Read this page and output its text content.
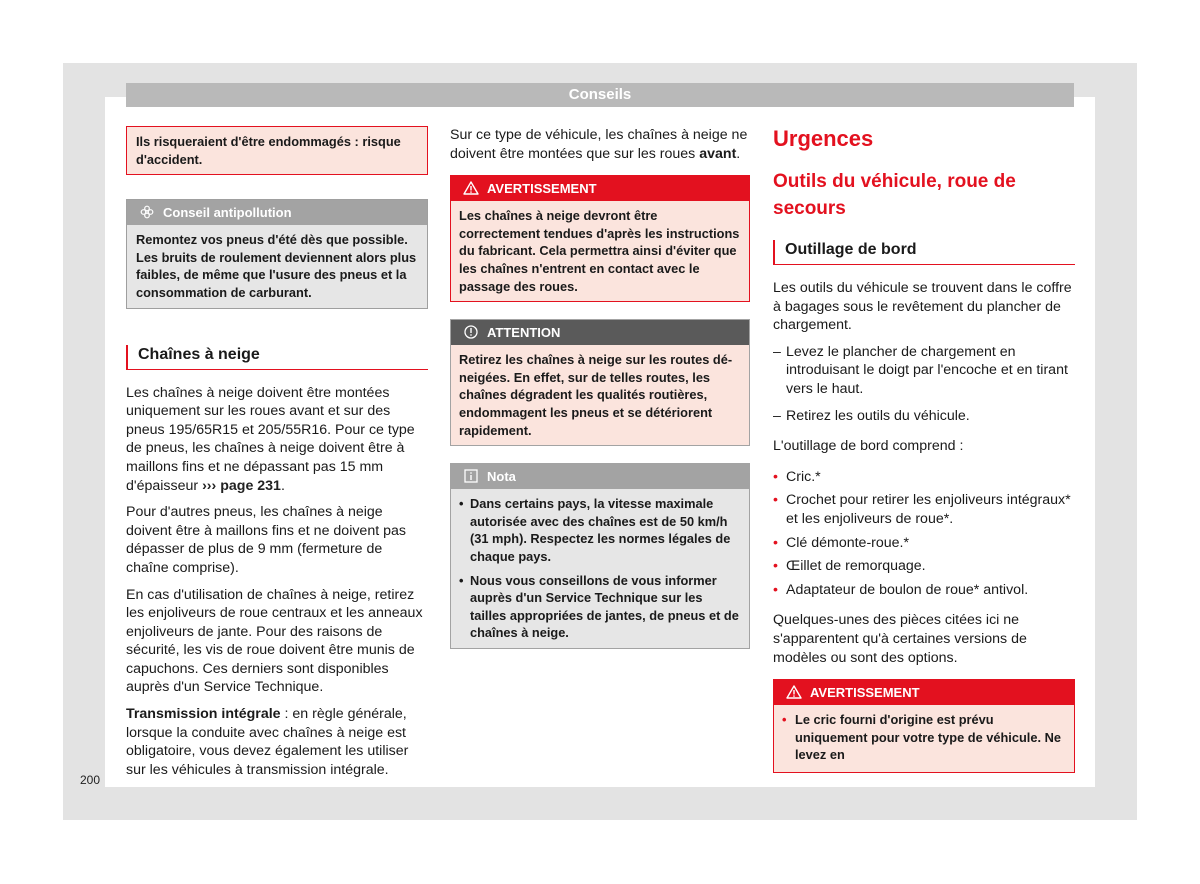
Conseils
Ils risqueraient d'être endommagés : risque d'accident.
Conseil antipollution
Remontez vos pneus d'été dès que possible. Les bruits de roulement deviennent alors plus faibles, de même que l'usure des pneus et la consommation de carburant.
Chaînes à neige

Les chaînes à neige doivent être montées uniquement sur les roues avant et sur des pneus 195/65R15 et 205/55R16. Pour ce type de pneus, les chaînes à neige doivent être à maillons fins et ne dépassant pas 15 mm d'épaisseur ››› page 231.

Pour d'autres pneus, les chaînes à neige doivent être à maillons fins et ne doivent pas dépasser de plus de 9 mm (fermeture de chaîne comprise).

En cas d'utilisation de chaînes à neige, retirez les enjoliveurs de roue centraux et les anneaux enjoliveurs de jante. Pour des raisons de sécurité, les vis de roue doivent être munis de capuchons. Ces derniers sont disponibles auprès d'un Service Technique.

Transmission intégrale : en règle générale, lorsque la conduite avec chaînes à neige est obligatoire, vous devez également les utiliser sur les véhicules à transmission intégrale.

Sur ce type de véhicule, les chaînes à neige ne doivent être montées que sur les roues avant.

AVERTISSEMENT
Les chaînes à neige devront être correctement tendues d'après les instructions du fabricant. Cela permettra ainsi d'éviter que les chaînes n'entrent en contact avec le passage des roues.
ATTENTION
Retirez les chaînes à neige sur les routes dé-neigées. En effet, sur de telles routes, les chaînes dégradent les qualités routières, endommagent les pneus et se détériorent rapidement.
Nota
• Dans certains pays, la vitesse maximale autorisée avec des chaînes est de 50 km/h (31 mph). Respectez les normes légales de chaque pays.
• Nous vous conseillons de vous informer auprès d'un Service Technique sur les tailles appropriées de jantes, de pneus et de chaînes à neige.
Urgences
Outils du véhicule, roue de secours
Outillage de bord

Les outils du véhicule se trouvent dans le coffre à bagages sous le revêtement du plancher de chargement.

– Levez le plancher de chargement en introduisant le doigt par l'encoche et en tirant vers le haut.
– Retirez les outils du véhicule.

L'outillage de bord comprend :

• Cric.*
• Crochet pour retirer les enjoliveurs intégraux* et les enjoliveurs de roue*.
• Clé démonte-roue.*
• Œillet de remorquage.
• Adaptateur de boulon de roue* antivol.

Quelques-unes des pièces citées ici ne s'apparentent qu'à certaines versions de modèles ou sont des options.

AVERTISSEMENT
• Le cric fourni d'origine est prévu uniquement pour votre type de véhicule. Ne levez en
200
